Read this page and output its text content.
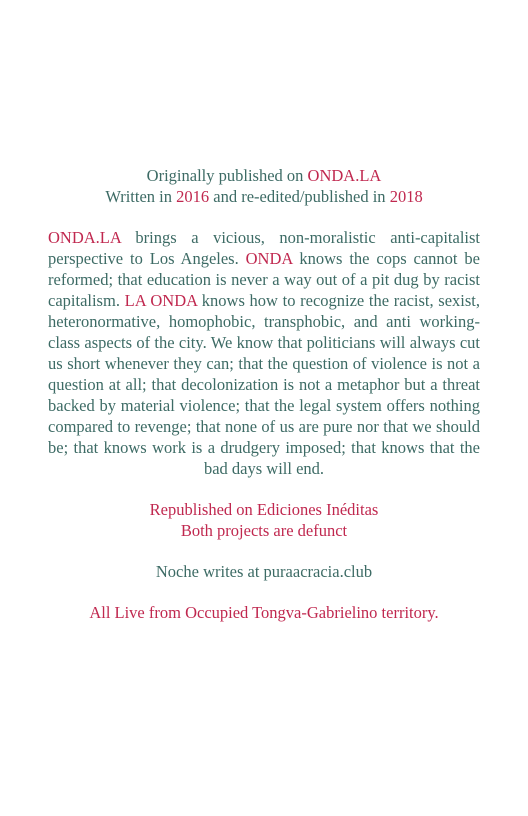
Originally published on ONDA.LA

Written in 2016 and re-edited/published in 2018

ONDA.LA brings a vicious, non-moralistic anti-capitalist perspective to Los Angeles. ONDA knows the cops cannot be reformed; that education is never a way out of a pit dug by racist capitalism. LA ONDA knows how to recognize the racist, sexist, heteronormative, homophobic, transphobic, and anti working-class aspects of the city. We know that politicians will always cut us short whenever they can; that the question of violence is not a question at all; that decolonization is not a metaphor but a threat backed by material violence; that the legal system offers nothing compared to revenge; that none of us are pure nor that we should be; that knows work is a drudgery imposed; that knows that the bad days will end.

Republished on Ediciones Inéditas

Both projects are defunct

Noche writes at puraacracia.club

All Live from Occupied Tongva-Gabrielino territory.
